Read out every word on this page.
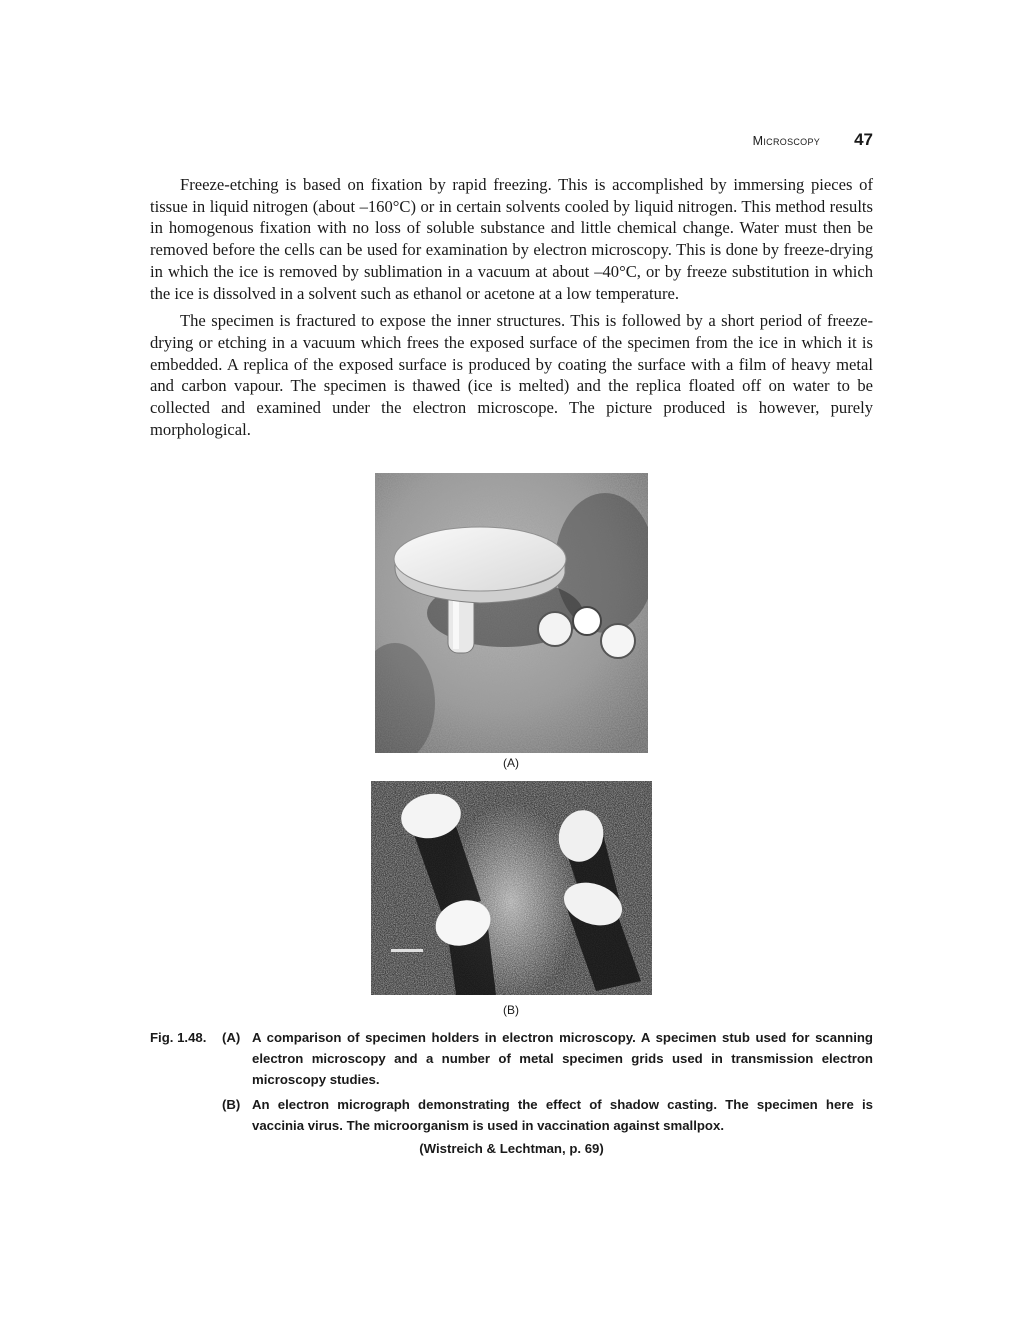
Microscopy 47

Freeze-etching is based on fixation by rapid freezing. This is accomplished by immersing pieces of tissue in liquid nitrogen (about –160°C) or in certain solvents cooled by liquid nitrogen. This method results in homogenous fixation with no loss of soluble substance and little chemical change. Water must then be removed before the cells can be used for examination by electron microscopy. This is done by freeze-drying in which the ice is removed by sublimation in a vacuum at about –40°C, or by freeze substitution in which the ice is dissolved in a solvent such as ethanol or acetone at a low temperature.

The specimen is fractured to expose the inner structures. This is followed by a short period of freeze-drying or etching in a vacuum which frees the exposed surface of the specimen from the ice in which it is embedded. A replica of the exposed surface is produced by coating the surface with a film of heavy metal and carbon vapour. The specimen is thawed (ice is melted) and the replica floated off on water to be collected and examined under the electron microscope. The picture produced is however, purely morphological.

(A)
(B)
Fig. 1.48.	(A) A comparison of specimen holders in electron microscopy. A specimen stub used for scanning electron microscopy and a number of metal specimen grids used in transmission electron microscopy studies.
(B) An electron micrograph demonstrating the effect of shadow casting. The specimen here is vaccinia virus. The microorganism is used in vaccination against smallpox.
(Wistreich & Lechtman, p. 69)
